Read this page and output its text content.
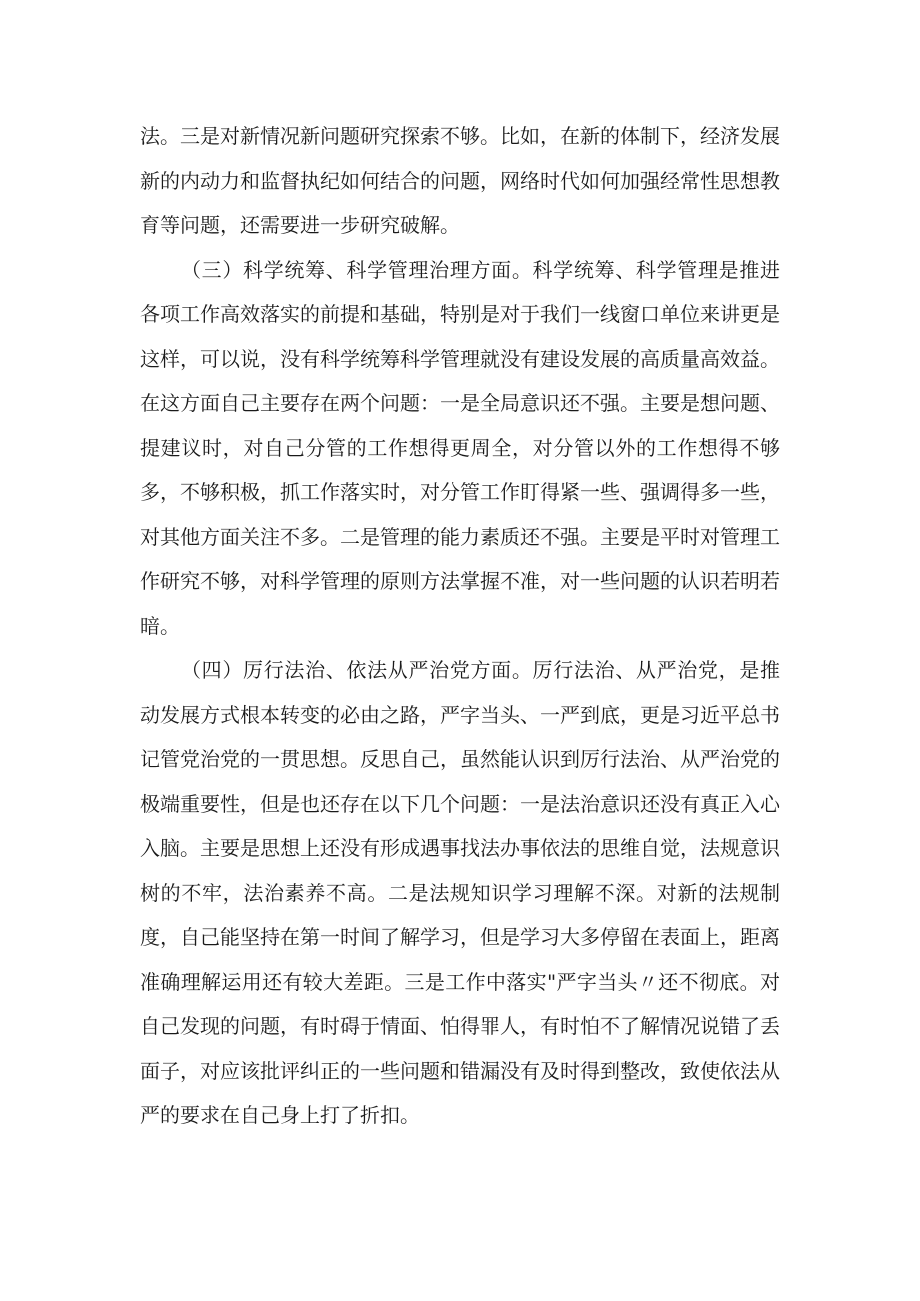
法。三是对新情况新问题研究探索不够。比如，在新的体制下，经济发展新的内动力和监督执纪如何结合的问题，网络时代如何加强经常性思想教育等问题，还需要进一步研究破解。

（三）科学统筹、科学管理治理方面。科学统筹、科学管理是推进各项工作高效落实的前提和基础，特别是对于我们一线窗口单位来讲更是这样，可以说，没有科学统筹科学管理就没有建设发展的高质量高效益。在这方面自己主要存在两个问题：一是全局意识还不强。主要是想问题、提建议时，对自己分管的工作想得更周全，对分管以外的工作想得不够多，不够积极，抓工作落实时，对分管工作盯得紧一些、强调得多一些，对其他方面关注不多。二是管理的能力素质还不强。主要是平时对管理工作研究不够，对科学管理的原则方法掌握不准，对一些问题的认识若明若暗。

（四）厉行法治、依法从严治党方面。厉行法治、从严治党，是推动发展方式根本转变的必由之路，严字当头、一严到底，更是习近平总书记管党治党的一贯思想。反思自己，虽然能认识到厉行法治、从严治党的极端重要性，但是也还存在以下几个问题：一是法治意识还没有真正入心入脑。主要是思想上还没有形成遇事找法办事依法的思维自觉，法规意识树的不牢，法治素养不高。二是法规知识学习理解不深。对新的法规制度，自己能坚持在第一时间了解学习，但是学习大多停留在表面上，距离准确理解运用还有较大差距。三是工作中落实"严字当头〃还不彻底。对自己发现的问题，有时碍于情面、怕得罪人，有时怕不了解情况说错了丢面子，对应该批评纠正的一些问题和错漏没有及时得到整改，致使依法从严的要求在自己身上打了折扣。
